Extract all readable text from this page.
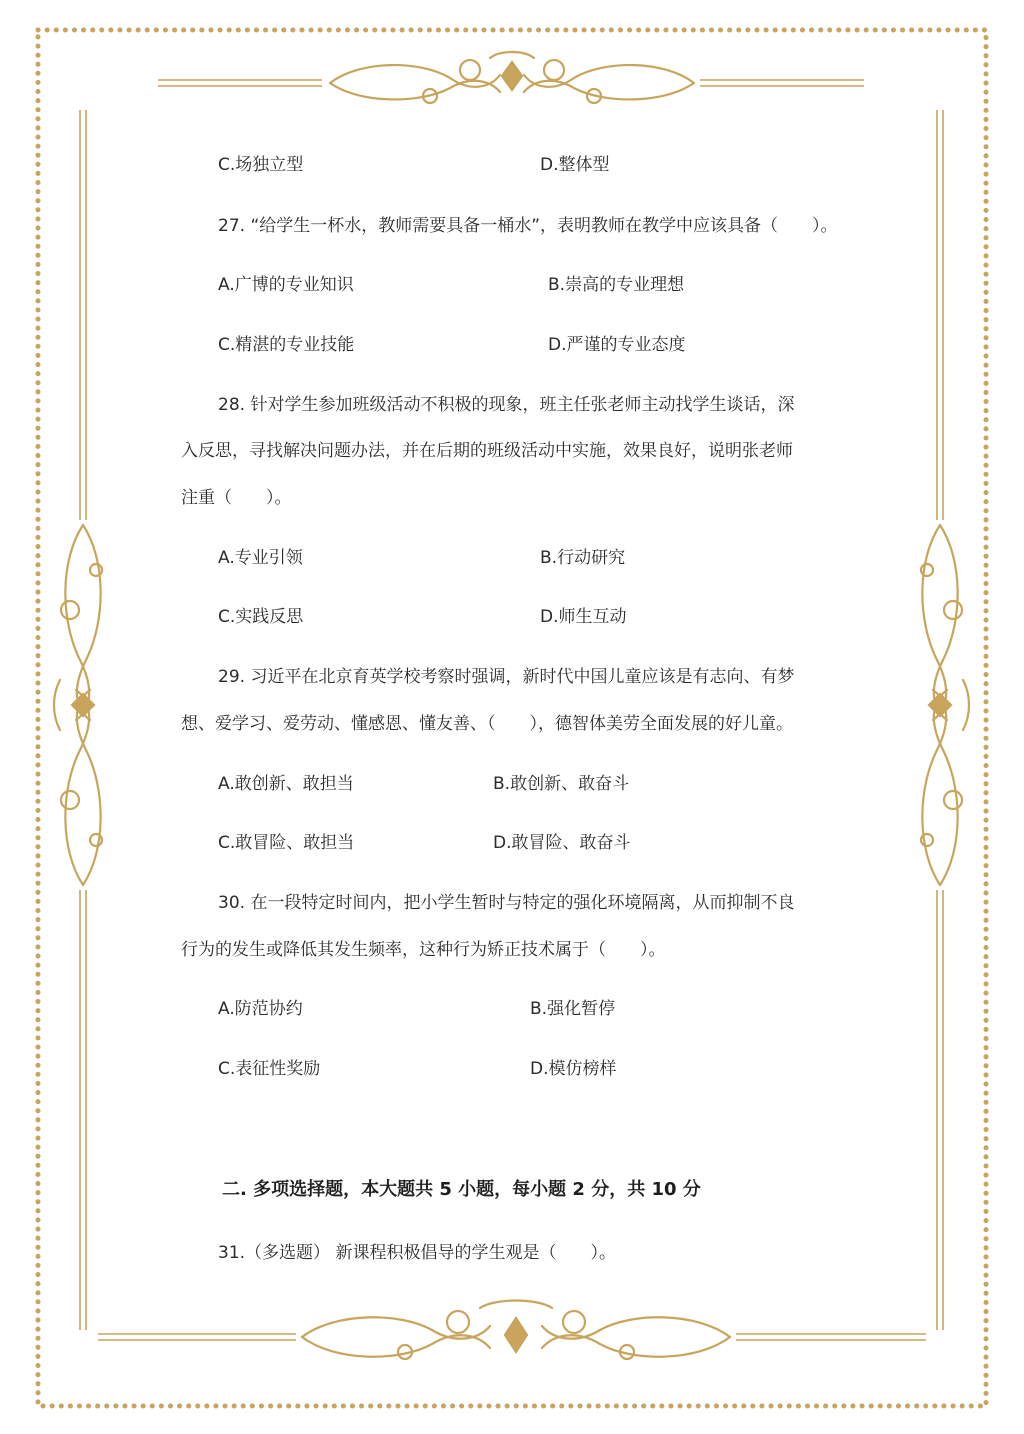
C.场独立型	D.整体型

27. “给学生一杯水，教师需要具备一桶水”，表明教师在教学中应该具备（　　）。

A.广博的专业知识	B.崇高的专业理想

C.精湛的专业技能	D.严谨的专业态度

28. 针对学生参加班级活动不积极的现象，班主任张老师主动找学生谈话，深

入反思，寻找解决问题办法，并在后期的班级活动中实施，效果良好，说明张老师

注重（　　）。

A.专业引领	B.行动研究

C.实践反思	D.师生互动

29. 习近平在北京育英学校考察时强调，新时代中国儿童应该是有志向、有梦

想、爱学习、爱劳动、懂感恩、懂友善、（　　），德智体美劳全面发展的好儿童。

A.敢创新、敢担当	B.敢创新、敢奋斗

C.敢冒险、敢担当	D.敢冒险、敢奋斗

30. 在一段特定时间内，把小学生暂时与特定的强化环境隔离，从而抑制不良

行为的发生或降低其发生频率，这种行为矫正技术属于（　　）。

A.防范协约	B.强化暂停

C.表征性奖励	D.模仿榜样

二. 多项选择题，本大题共 5 小题，每小题 2 分，共 10 分

31.（多选题） 新课程积极倡导的学生观是（　　）。
